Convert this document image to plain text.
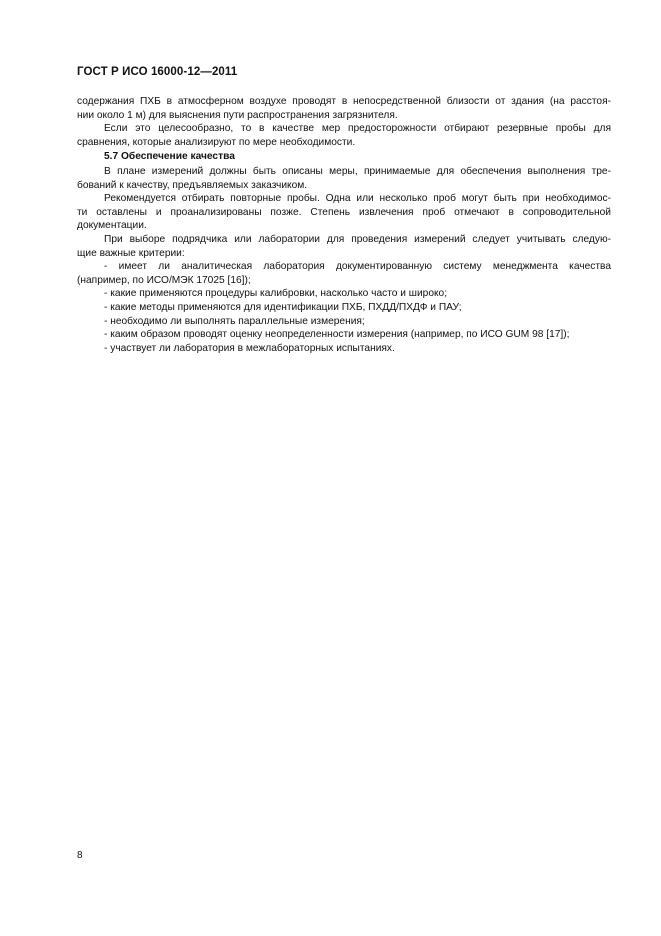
ГОСТ Р ИСО 16000-12—2011
содержания ПХБ в атмосферном воздухе проводят в непосредственной близости от здания (на расстоя-
нии около 1 м) для выяснения пути распространения загрязнителя.
Если это целесообразно, то в качестве мер предосторожности отбирают резервные пробы для
сравнения, которые анализируют по мере необходимости.
5.7 Обеспечение качества
В плане измерений должны быть описаны меры, принимаемые для обеспечения выполнения тре-
бований к качеству, предъявляемых заказчиком.
Рекомендуется отбирать повторные пробы. Одна или несколько проб могут быть при необходимос-
ти оставлены и проанализированы позже. Степень извлечения проб отмечают в сопроводительной
документации.
При выборе подрядчика или лаборатории для проведения измерений следует учитывать следую-
щие важные критерии:
- имеет ли аналитическая лаборатория документированную систему менеджмента качества
(например, по ИСО/МЭК 17025 [16]);
- какие применяются процедуры калибровки, насколько часто и широко;
- какие методы применяются для идентификации ПХБ, ПХДД/ПХДФ и ПАУ;
- необходимо ли выполнять параллельные измерения;
- каким образом проводят оценку неопределенности измерения (например, по ИСО GUM 98 [17]);
- участвует ли лаборатория в межлабораторных испытаниях.
8
